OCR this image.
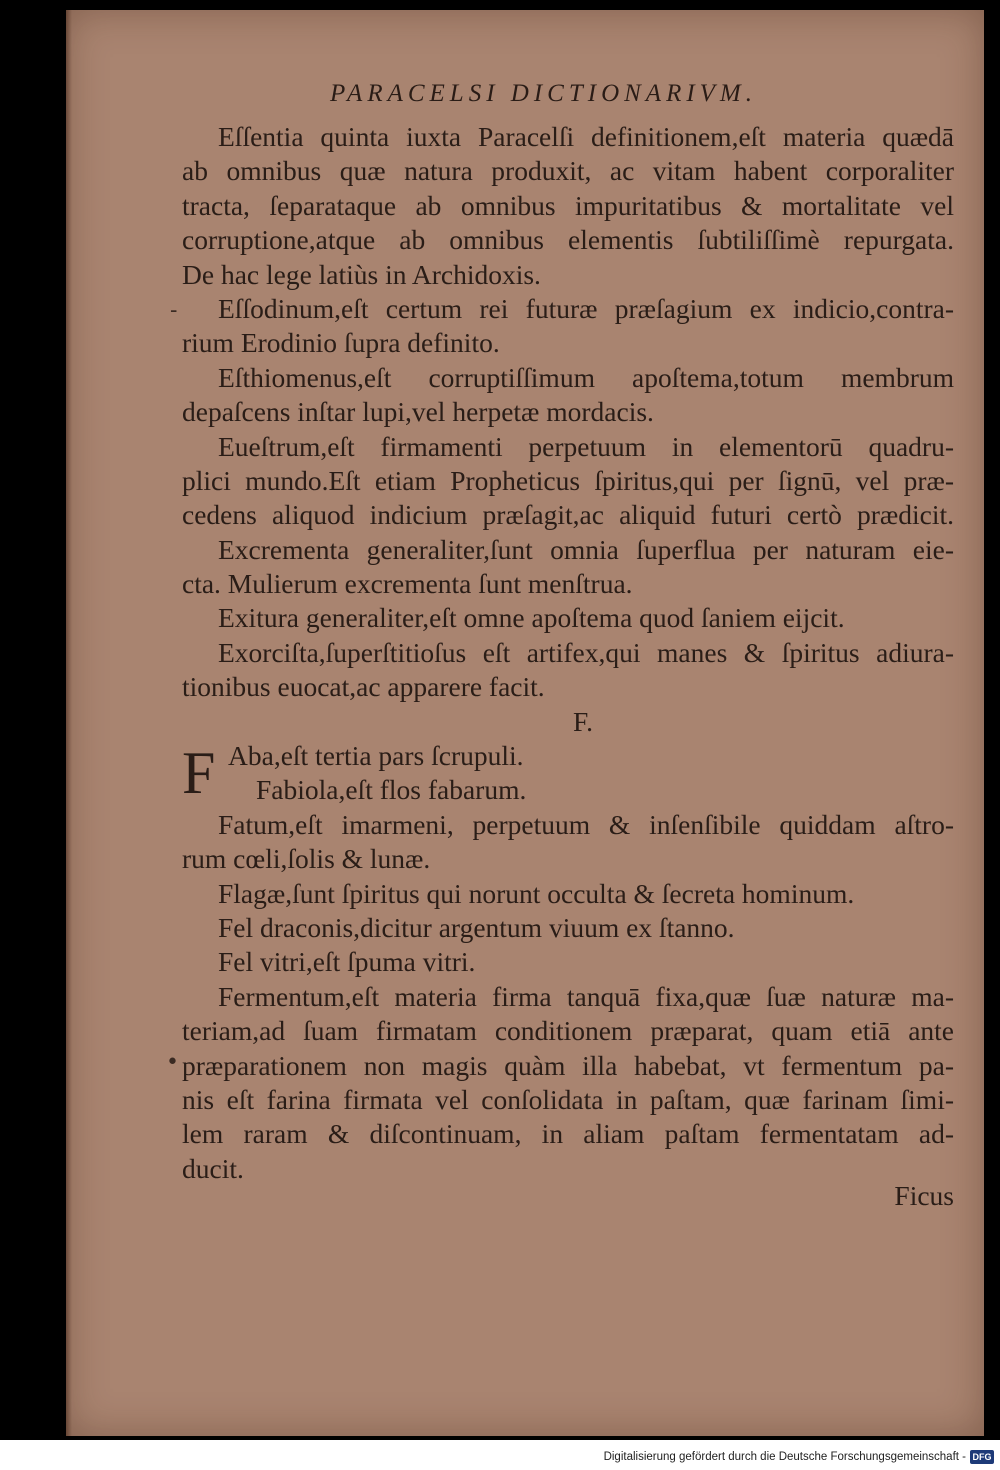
PARACELSI DICTIONARIVM.
-
•
Eſſentia quinta iuxta Paracelſi definitionem,eſt materia quædā
ab omnibus quæ natura produxit, ac vitam habent corporaliter
tracta, ſeparataque ab omnibus impuritatibus & mortalitate vel
corruptione,atque ab omnibus elementis ſubtiliſſimè repurgata.
De hac lege latiùs in Archidoxis.
Eſſodinum,eſt certum rei futuræ præſagium ex indicio,contra-
rium Erodinio ſupra definito.
Eſthiomenus,eſt corruptiſſimum apoſtema,totum membrum
depaſcens inſtar lupi,vel herpetæ mordacis.
Eueſtrum,eſt firmamenti perpetuum in elementorū quadru-
plici mundo.Eſt etiam Propheticus ſpiritus,qui per ſignū, vel præ-
cedens aliquod indicium præſagit,ac aliquid futuri certò prædicit.
Excrementa generaliter,ſunt omnia ſuperflua per naturam eie-
cta. Mulierum excrementa ſunt menſtrua.
Exitura generaliter,eſt omne apoſtema quod ſaniem eijcit.
Exorciſta,ſuperſtitioſus eſt artifex,qui manes & ſpiritus adiura-
tionibus euocat,ac apparere facit.
F.
F Aba,eſt tertia pars ſcrupuli.
Fabiola,eſt flos fabarum.
Fatum,eſt imarmeni, perpetuum & inſenſibile quiddam aſtro-
rum cœli,ſolis & lunæ.
Flagæ,ſunt ſpiritus qui norunt occulta & ſecreta hominum.
Fel draconis,dicitur argentum viuum ex ſtanno.
Fel vitri,eſt ſpuma vitri.
Fermentum,eſt materia firma tanquā fixa,quæ ſuæ naturæ ma-
teriam,ad ſuam firmatam conditionem præparat, quam etiā ante
præparationem non magis quàm illa habebat, vt fermentum pa-
nis eſt farina firmata vel conſolidata in paſtam, quæ farinam ſimi-
lem raram & diſcontinuam, in aliam paſtam fermentatam ad-
ducit.
Ficus
Digitalisierung gefördert durch die Deutsche Forschungsgemeinschaft - DFG
